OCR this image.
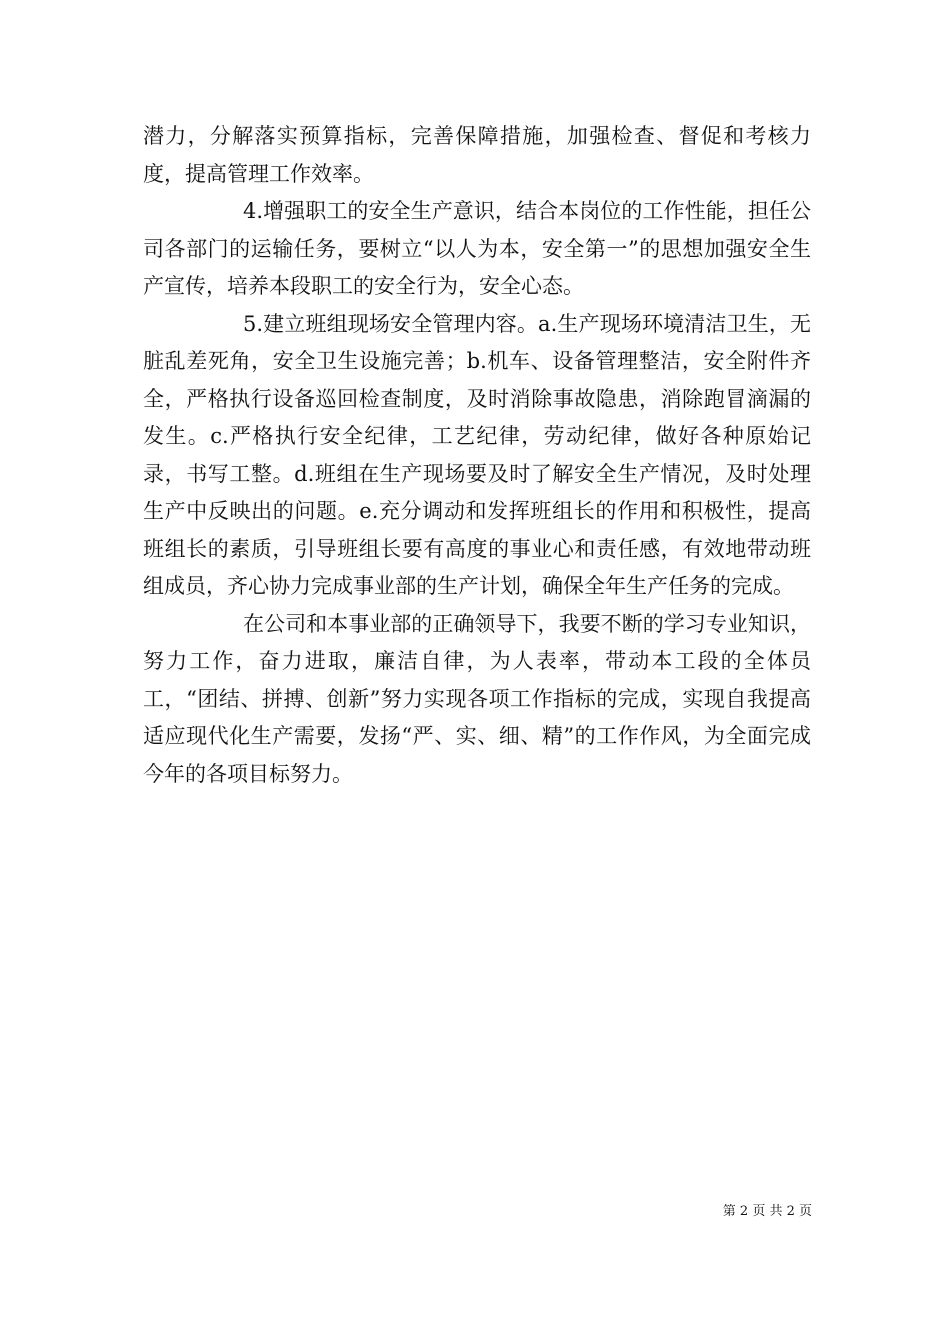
潜力，分解落实预算指标，完善保障措施，加强检查、督促和考核力度，提高管理工作效率。

4.增强职工的安全生产意识，结合本岗位的工作性能，担任公司各部门的运输任务，要树立“以人为本，安全第一”的思想加强安全生产宣传，培养本段职工的安全行为，安全心态。

5.建立班组现场安全管理内容。a.生产现场环境清洁卫生，无脏乱差死角，安全卫生设施完善；b.机车、设备管理整洁，安全附件齐全，严格执行设备巡回检查制度，及时消除事故隐患，消除跑冒滴漏的发生。c.严格执行安全纪律，工艺纪律，劳动纪律，做好各种原始记录，书写工整。d.班组在生产现场要及时了解安全生产情况，及时处理生产中反映出的问题。e.充分调动和发挥班组长的作用和积极性，提高班组长的素质，引导班组长要有高度的事业心和责任感，有效地带动班组成员，齐心协力完成事业部的生产计划，确保全年生产任务的完成。

在公司和本事业部的正确领导下，我要不断的学习专业知识，努力工作，奋力进取，廉洁自律，为人表率，带动本工段的全体员工，“团结、拼搏、创新”努力实现各项工作指标的完成，实现自我提高适应现代化生产需要，发扬“严、实、细、精”的工作作风，为全面完成今年的各项目标努力。

第 2 页 共 2 页
